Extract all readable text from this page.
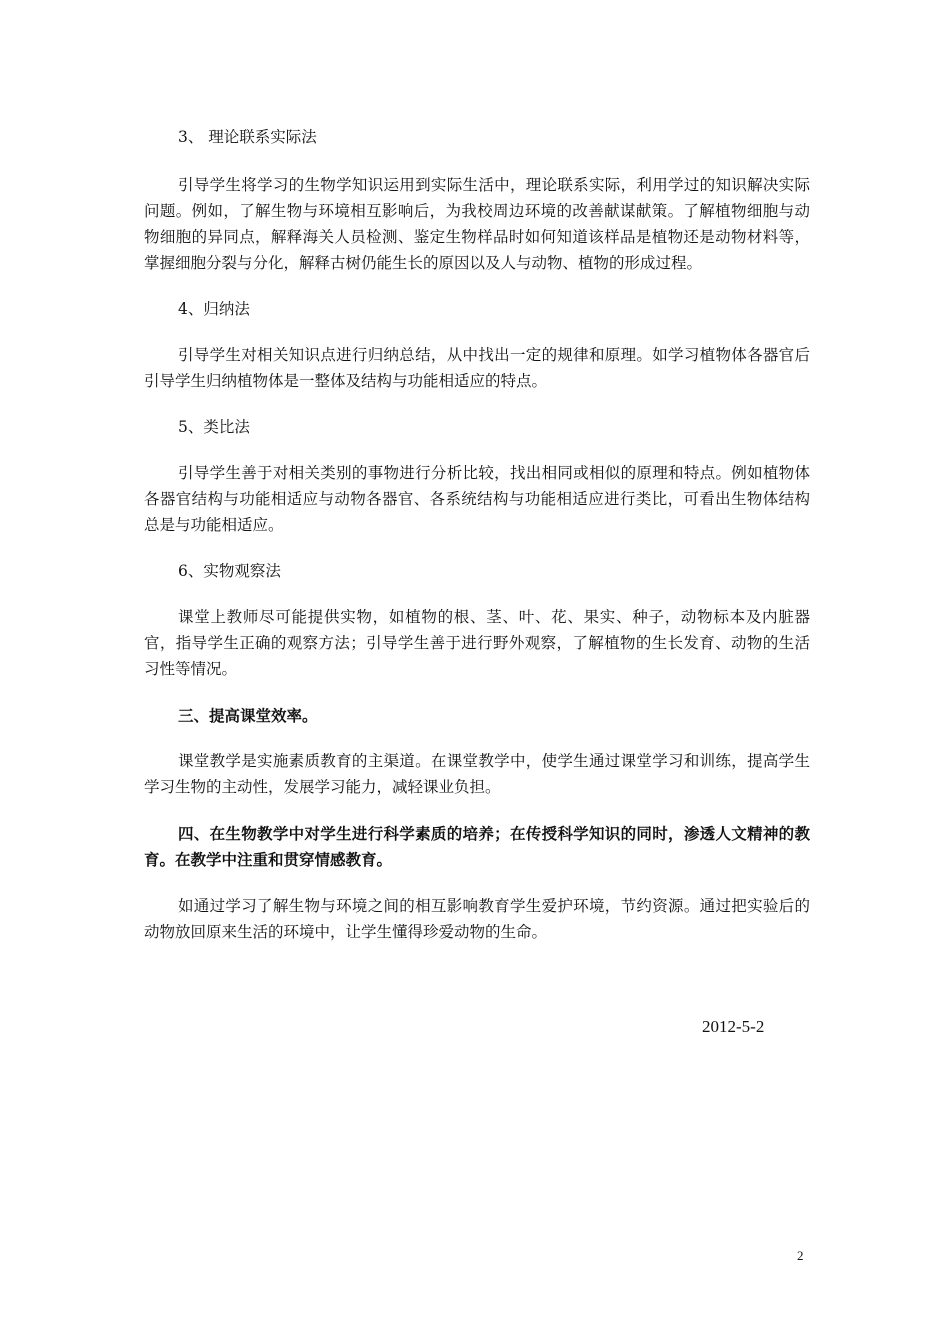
3、 理论联系实际法

引导学生将学习的生物学知识运用到实际生活中，理论联系实际，利用学过的知识解决实际问题。例如，了解生物与环境相互影响后，为我校周边环境的改善献谋献策。了解植物细胞与动物细胞的异同点，解释海关人员检测、鉴定生物样品时如何知道该样品是植物还是动物材料等，掌握细胞分裂与分化，解释古树仍能生长的原因以及人与动物、植物的形成过程。

4、归纳法

引导学生对相关知识点进行归纳总结，从中找出一定的规律和原理。如学习植物体各器官后引导学生归纳植物体是一整体及结构与功能相适应的特点。

5、类比法

引导学生善于对相关类别的事物进行分析比较，找出相同或相似的原理和特点。例如植物体各器官结构与功能相适应与动物各器官、各系统结构与功能相适应进行类比，可看出生物体结构总是与功能相适应。

6、实物观察法

课堂上教师尽可能提供实物，如植物的根、茎、叶、花、果实、种子，动物标本及内脏器官，指导学生正确的观察方法；引导学生善于进行野外观察，了解植物的生长发育、动物的生活习性等情况。

三、提高课堂效率。

课堂教学是实施素质教育的主渠道。在课堂教学中，使学生通过课堂学习和训练，提高学生学习生物的主动性，发展学习能力，减轻课业负担。

四、在生物教学中对学生进行科学素质的培养；在传授科学知识的同时，渗透人文精神的教育。在教学中注重和贯穿情感教育。

如通过学习了解生物与环境之间的相互影响教育学生爱护环境，节约资源。通过把实验后的动物放回原来生活的环境中，让学生懂得珍爱动物的生命。

2012-5-2
2
